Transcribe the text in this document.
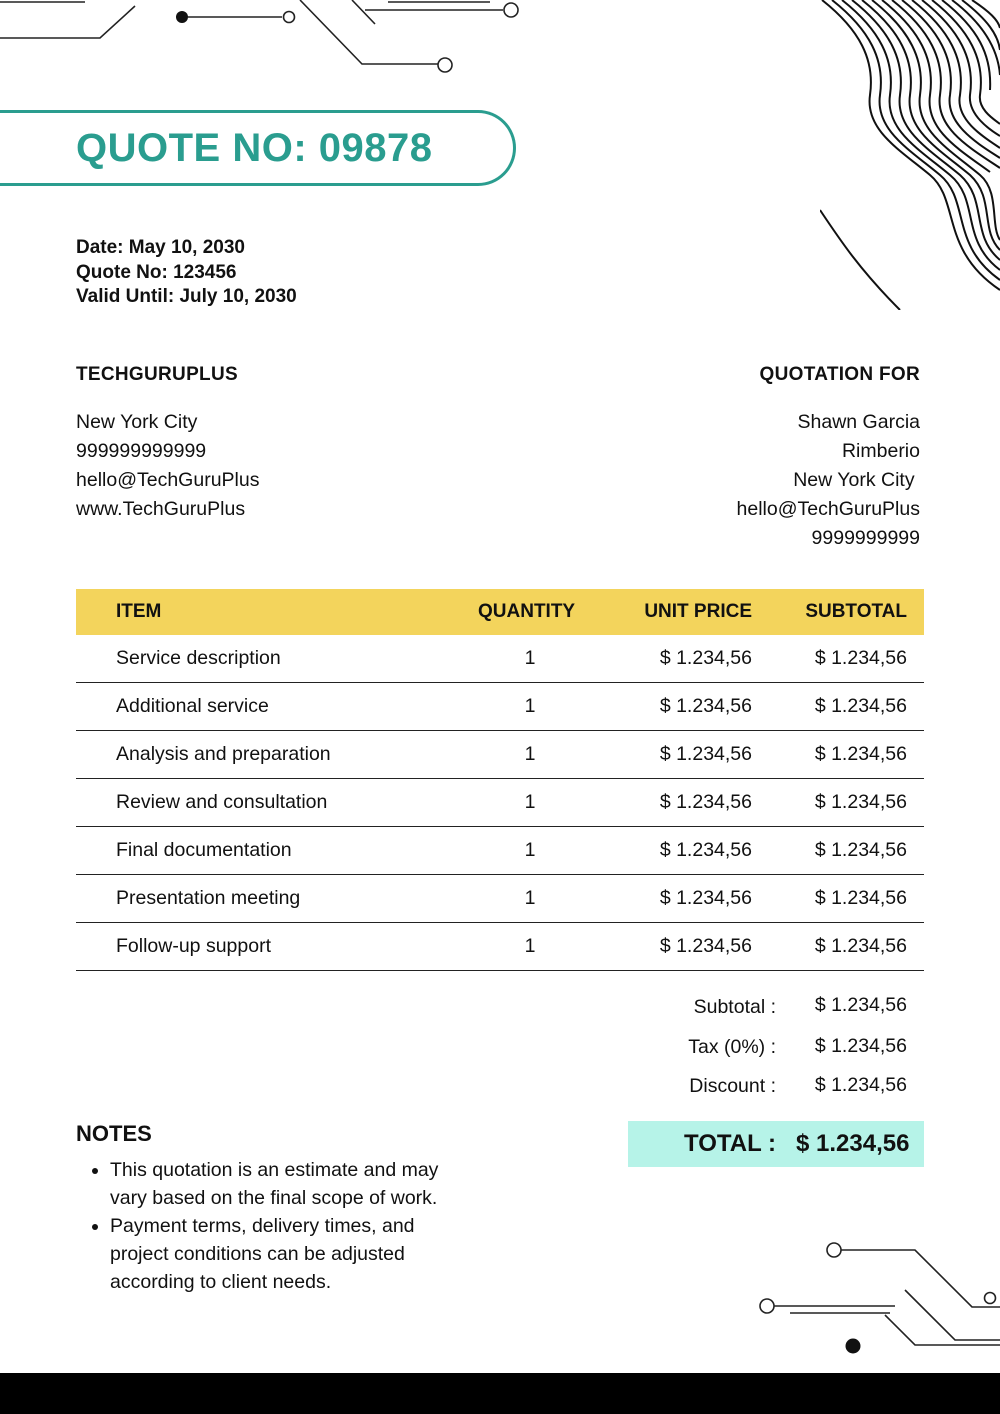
QUOTE NO: 09878
Date: May 10, 2030
Quote No: 123456
Valid Until: July 10, 2030
TECHGURUPLUS
New York City
999999999999
hello@TechGuruPlus
www.TechGuruPlus
QUOTATION FOR
Shawn Garcia
Rimberio
New York City
hello@TechGuruPlus
9999999999
ITEM	QUANTITY	UNIT PRICE	SUBTOTAL
Service description	1	$ 1.234,56	$ 1.234,56
Additional service	1	$ 1.234,56	$ 1.234,56
Analysis and preparation	1	$ 1.234,56	$ 1.234,56
Review and consultation	1	$ 1.234,56	$ 1.234,56
Final documentation	1	$ 1.234,56	$ 1.234,56
Presentation meeting	1	$ 1.234,56	$ 1.234,56
Follow-up support	1	$ 1.234,56	$ 1.234,56
Subtotal : $ 1.234,56
Tax (0%) : $ 1.234,56
Discount : $ 1.234,56
TOTAL : $ 1.234,56
NOTES
• This quotation is an estimate and may vary based on the final scope of work.
• Payment terms, delivery times, and project conditions can be adjusted according to client needs.
